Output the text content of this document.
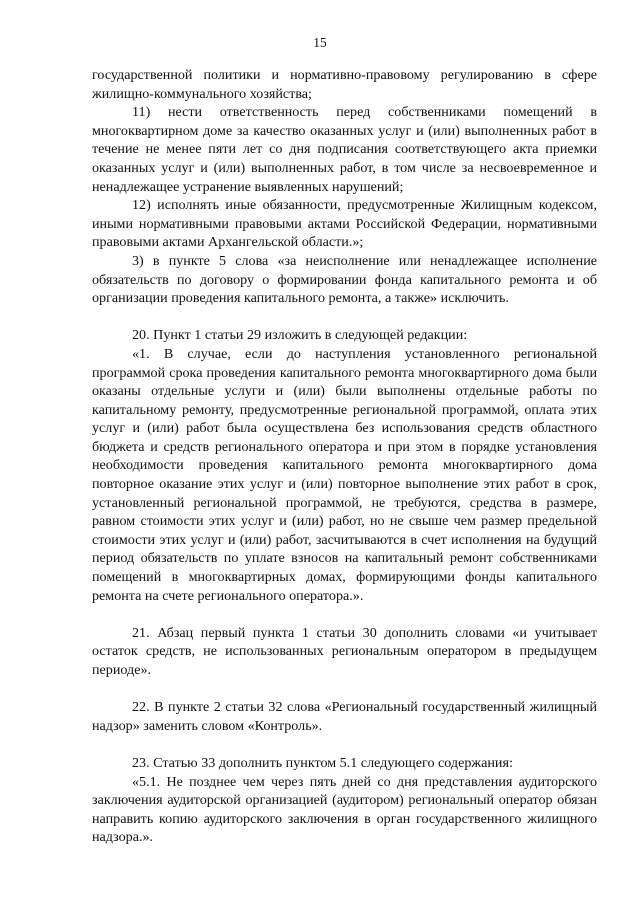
15

государственной политики и нормативно-правовому регулированию в сфере жилищно-коммунального хозяйства;

11) нести ответственность перед собственниками помещений в многоквартирном доме за качество оказанных услуг и (или) выполненных работ в течение не менее пяти лет со дня подписания соответствующего акта приемки оказанных услуг и (или) выполненных работ, в том числе за несвоевременное и ненадлежащее устранение выявленных нарушений;

12) исполнять иные обязанности, предусмотренные Жилищным кодексом, иными нормативными правовыми актами Российской Федерации, нормативными правовыми актами Архангельской области.»;

3) в пункте 5 слова «за неисполнение или ненадлежащее исполнение обязательств по договору о формировании фонда капитального ремонта и об организации проведения капитального ремонта, а также» исключить.

20. Пункт 1 статьи 29 изложить в следующей редакции:

«1. В случае, если до наступления установленного региональной программой срока проведения капитального ремонта многоквартирного дома были оказаны отдельные услуги и (или) были выполнены отдельные работы по капитальному ремонту, предусмотренные региональной программой, оплата этих услуг и (или) работ была осуществлена без использования средств областного бюджета и средств регионального оператора и при этом в порядке установления необходимости проведения капитального ремонта многоквартирного дома повторное оказание этих услуг и (или) повторное выполнение этих работ в срок, установленный региональной программой, не требуются, средства в размере, равном стоимости этих услуг и (или) работ, но не свыше чем размер предельной стоимости этих услуг и (или) работ, засчитываются в счет исполнения на будущий период обязательств по уплате взносов на капитальный ремонт собственниками помещений в многоквартирных домах, формирующими фонды капитального ремонта на счете регионального оператора.».

21. Абзац первый пункта 1 статьи 30 дополнить словами «и учитывает остаток средств, не использованных региональным оператором в предыдущем периоде».

22. В пункте 2 статьи 32 слова «Региональный государственный жилищный надзор» заменить словом «Контроль».

23. Статью 33 дополнить пунктом 5.1 следующего содержания:

«5.1. Не позднее чем через пять дней со дня представления аудиторского заключения аудиторской организацией (аудитором) региональный оператор обязан направить копию аудиторского заключения в орган государственного жилищного надзора.».
